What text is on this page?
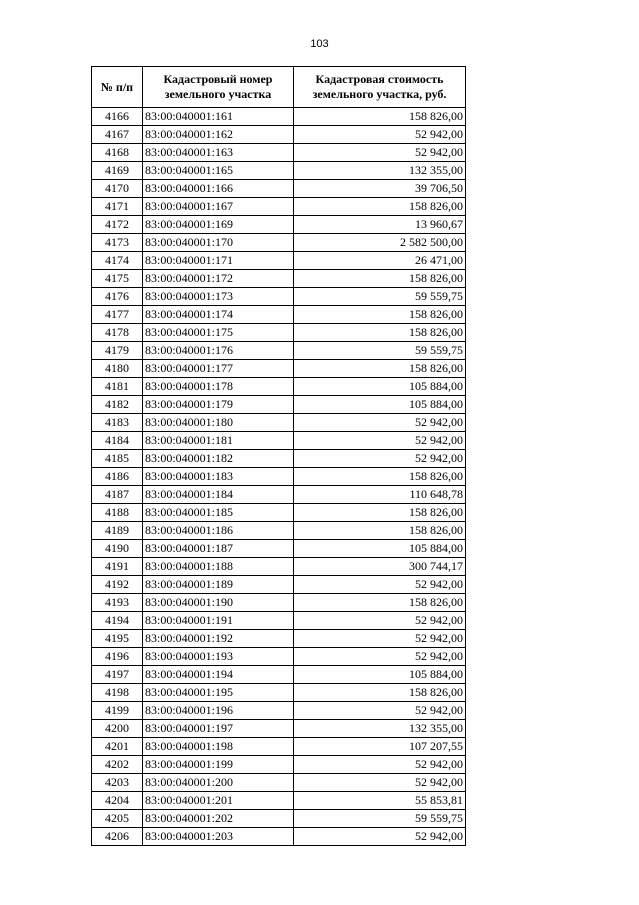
103
№ п/п	Кадастровый номер земельного участка	Кадастровая стоимость земельного участка, руб.
4166	83:00:040001:161	158 826,00
4167	83:00:040001:162	52 942,00
4168	83:00:040001:163	52 942,00
4169	83:00:040001:165	132 355,00
4170	83:00:040001:166	39 706,50
4171	83:00:040001:167	158 826,00
4172	83:00:040001:169	13 960,67
4173	83:00:040001:170	2 582 500,00
4174	83:00:040001:171	26 471,00
4175	83:00:040001:172	158 826,00
4176	83:00:040001:173	59 559,75
4177	83:00:040001:174	158 826,00
4178	83:00:040001:175	158 826,00
4179	83:00:040001:176	59 559,75
4180	83:00:040001:177	158 826,00
4181	83:00:040001:178	105 884,00
4182	83:00:040001:179	105 884,00
4183	83:00:040001:180	52 942,00
4184	83:00:040001:181	52 942,00
4185	83:00:040001:182	52 942,00
4186	83:00:040001:183	158 826,00
4187	83:00:040001:184	110 648,78
4188	83:00:040001:185	158 826,00
4189	83:00:040001:186	158 826,00
4190	83:00:040001:187	105 884,00
4191	83:00:040001:188	300 744,17
4192	83:00:040001:189	52 942,00
4193	83:00:040001:190	158 826,00
4194	83:00:040001:191	52 942,00
4195	83:00:040001:192	52 942,00
4196	83:00:040001:193	52 942,00
4197	83:00:040001:194	105 884,00
4198	83:00:040001:195	158 826,00
4199	83:00:040001:196	52 942,00
4200	83:00:040001:197	132 355,00
4201	83:00:040001:198	107 207,55
4202	83:00:040001:199	52 942,00
4203	83:00:040001:200	52 942,00
4204	83:00:040001:201	55 853,81
4205	83:00:040001:202	59 559,75
4206	83:00:040001:203	52 942,00
